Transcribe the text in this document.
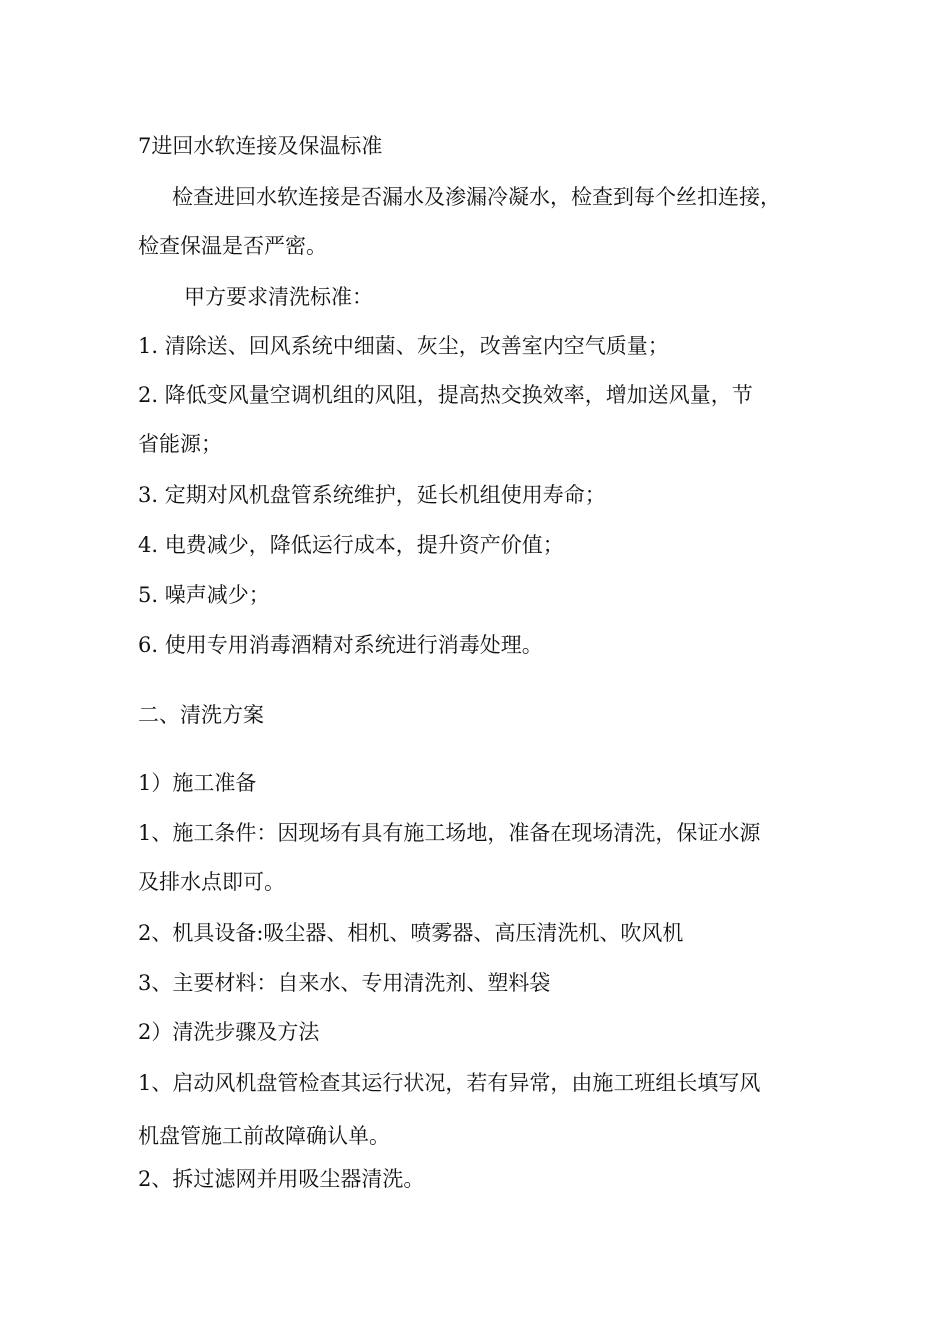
7进回水软连接及保温标准
检查进回水软连接是否漏水及渗漏冷凝水，检查到每个丝扣连接，
检查保温是否严密。
甲方要求清洗标准：
1. 清除送、回风系统中细菌、灰尘，改善室内空气质量；
2. 降低变风量空调机组的风阻，提高热交换效率，增加送风量，节
省能源；
3. 定期对风机盘管系统维护，延长机组使用寿命；
4. 电费减少，降低运行成本，提升资产价值；
5. 噪声减少；
6. 使用专用消毒酒精对系统进行消毒处理。
二、清洗方案
1）施工准备
1、施工条件：因现场有具有施工场地，准备在现场清洗，保证水源
及排水点即可。
2、机具设备:吸尘器、相机、喷雾器、高压清洗机、吹风机
3、主要材料：自来水、专用清洗剂、塑料袋
2）清洗步骤及方法
1、启动风机盘管检查其运行状况，若有异常，由施工班组长填写风
机盘管施工前故障确认单。
2、拆过滤网并用吸尘器清洗。
